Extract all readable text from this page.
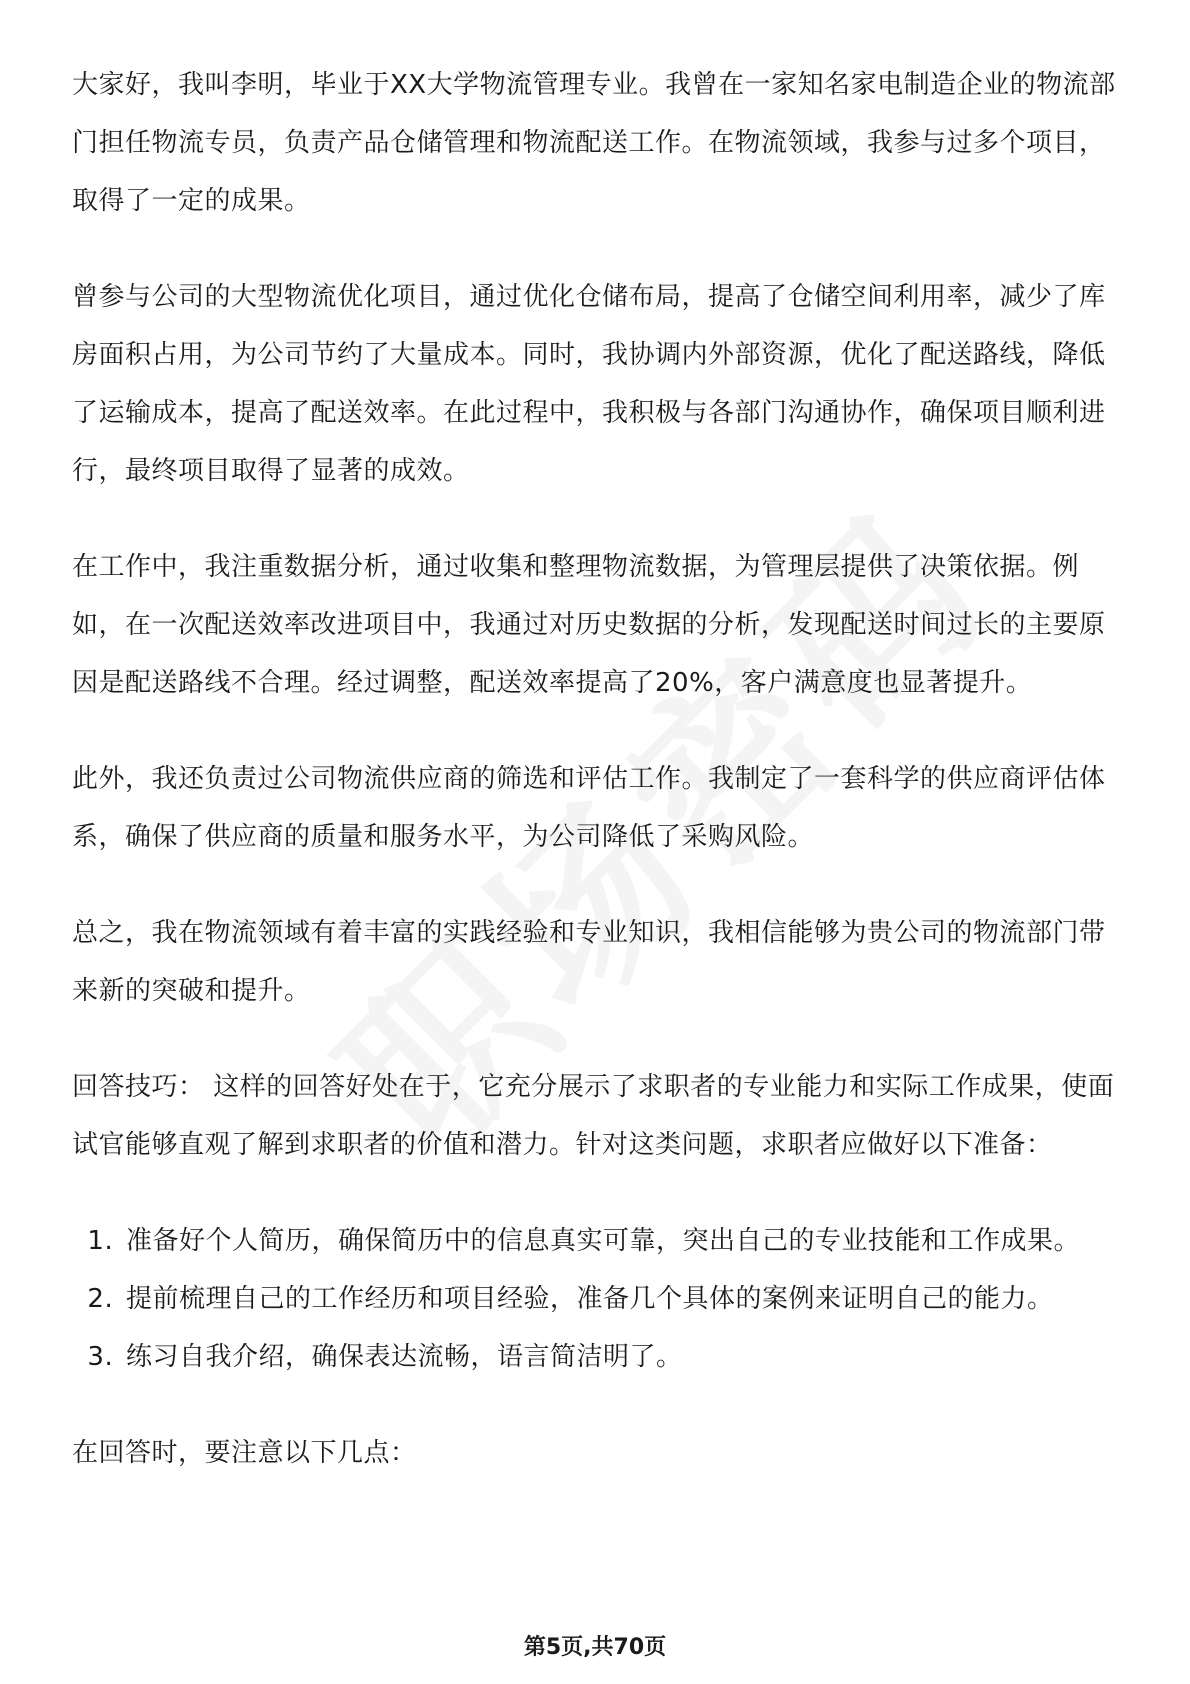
大家好，我叫李明，毕业于XX大学物流管理专业。我曾在一家知名家电制造企业的物流部门担任物流专员，负责产品仓储管理和物流配送工作。在物流领域，我参与过多个项目，取得了一定的成果。

曾参与公司的大型物流优化项目，通过优化仓储布局，提高了仓储空间利用率，减少了库房面积占用，为公司节约了大量成本。同时，我协调内外部资源，优化了配送路线，降低了运输成本，提高了配送效率。在此过程中，我积极与各部门沟通协作，确保项目顺利进行，最终项目取得了显著的成效。

在工作中，我注重数据分析，通过收集和整理物流数据，为管理层提供了决策依据。例如，在一次配送效率改进项目中，我通过对历史数据的分析，发现配送时间过长的主要原因是配送路线不合理。经过调整，配送效率提高了20%，客户满意度也显著提升。

此外，我还负责过公司物流供应商的筛选和评估工作。我制定了一套科学的供应商评估体系，确保了供应商的质量和服务水平，为公司降低了采购风险。

总之，我在物流领域有着丰富的实践经验和专业知识，我相信能够为贵公司的物流部门带来新的突破和提升。

回答技巧： 这样的回答好处在于，它充分展示了求职者的专业能力和实际工作成果，使面试官能够直观了解到求职者的价值和潜力。针对这类问题，求职者应做好以下准备：

1. 准备好个人简历，确保简历中的信息真实可靠，突出自己的专业技能和工作成果。
2. 提前梳理自己的工作经历和项目经验，准备几个具体的案例来证明自己的能力。
3. 练习自我介绍，确保表达流畅，语言简洁明了。

在回答时，要注意以下几点：

第5页,共70页
